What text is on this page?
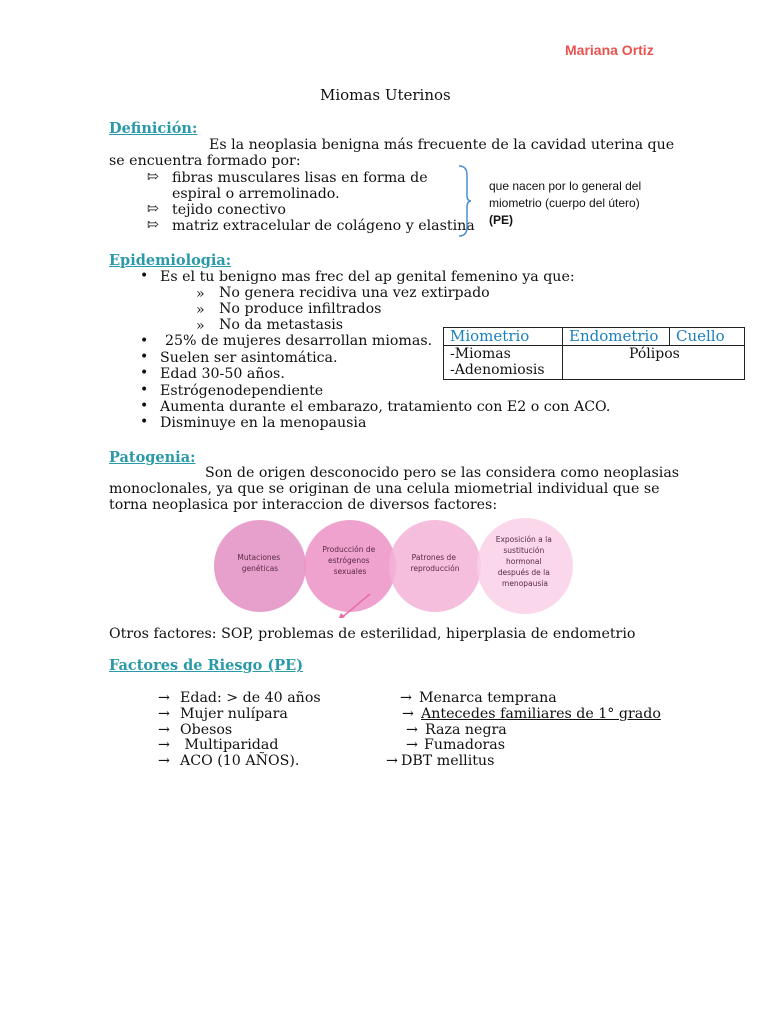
Mariana Ortiz
Miomas Uterinos
Definición:
Es la neoplasia benigna más frecuente de la cavidad uterina que
se encuentra formado por:
⇰ fibras musculares lisas en forma de
espiral o arremolinado.
⇰ tejido conectivo
⇰ matriz extracelular de colágeno y elastina
que nacen por lo general del
miometrio (cuerpo del útero)
(PE)
Epidemiologia:
• Es el tu benigno mas frec del ap genital femenino ya que:
» No genera recidiva una vez extirpado
» No produce infiltrados
» No da metastasis
• 25% de mujeres desarrollan miomas.
• Suelen ser asintomática.
• Edad 30-50 años.
• Estrógenodependiente
• Aumenta durante el embarazo, tratamiento con E2 o con ACO.
• Disminuye en la menopausia
Miometrio	Endometrio	Cuello

-Miomas
-Adenomiosis	Pólipos	
Patogenia:
Son de origen desconocido pero se las considera como neoplasias
monoclonales, ya que se originan de una celula miometrial individual que se
torna neoplasica por interaccion de diversos factores:
Mutaciones genéticas
Producción de estrógenos sexuales
Patrones de reproducción
Exposición a la sustitución hormonal después de la menopausia
Otros factores: SOP, problemas de esterilidad, hiperplasia de endometrio
Factores de Riesgo (PE)
→ Edad: > de 40 años
→ Mujer nulípara
→ Obesos
→ Multiparidad
→ ACO (10 AÑOS).
→ Menarca temprana
→ Antecedes familiares de 1° grado
→ Raza negra
→ Fumadoras
→ DBT mellitus
